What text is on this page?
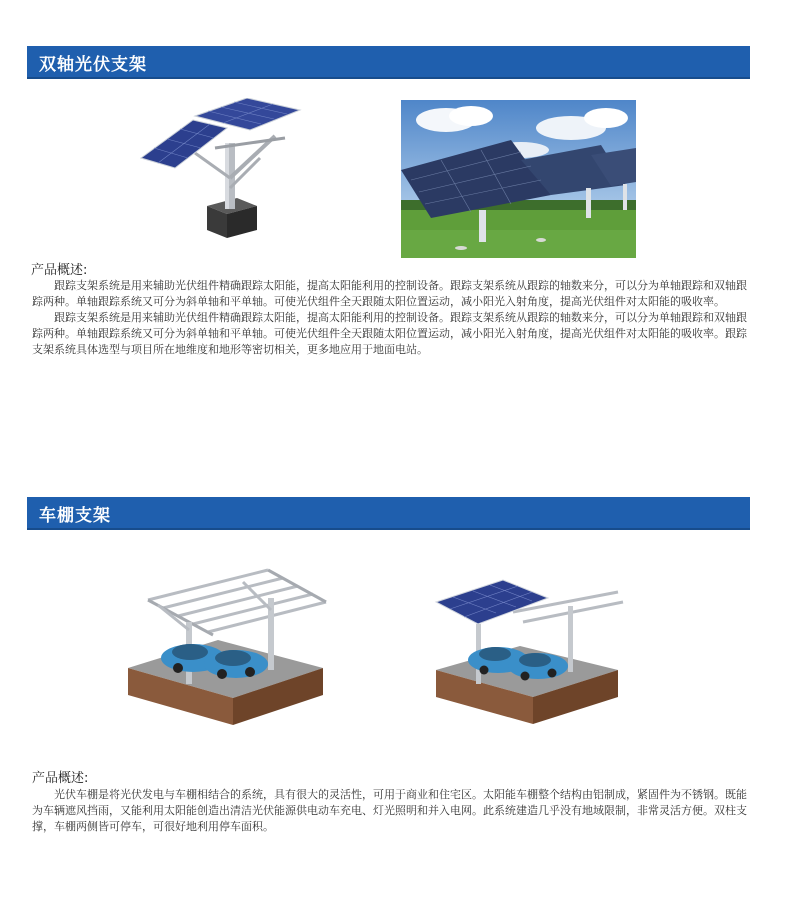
双轴光伏支架
产品概述:

跟踪支架系统是用来辅助光伏组件精确跟踪太阳能，提高太阳能利用的控制设备。跟踪支架系统从跟踪的轴数来分，可以分为单轴跟踪和双轴跟踪两种。单轴跟踪系统又可分为斜单轴和平单轴。可使光伏组件全天跟随太阳位置运动，减小阳光入射角度，提高光伏组件对太阳能的吸收率。

跟踪支架系统是用来辅助光伏组件精确跟踪太阳能，提高太阳能利用的控制设备。跟踪支架系统从跟踪的轴数来分，可以分为单轴跟踪和双轴跟踪两种。单轴跟踪系统又可分为斜单轴和平单轴。可使光伏组件全天跟随太阳位置运动，减小阳光入射角度，提高光伏组件对太阳能的吸收率。跟踪支架系统具体选型与项目所在地维度和地形等密切相关，更多地应用于地面电站。

车棚支架
产品概述:

光伏车棚是将光伏发电与车棚相结合的系统，具有很大的灵活性，可用于商业和住宅区。太阳能车棚整个结构由铝制成，紧固件为不锈钢。既能为车辆遮风挡雨，又能利用太阳能创造出清洁光伏能源供电动车充电、灯光照明和并入电网。此系统建造几乎没有地域限制，非常灵活方便。双柱支撑，车棚两侧皆可停车，可很好地利用停车面积。
